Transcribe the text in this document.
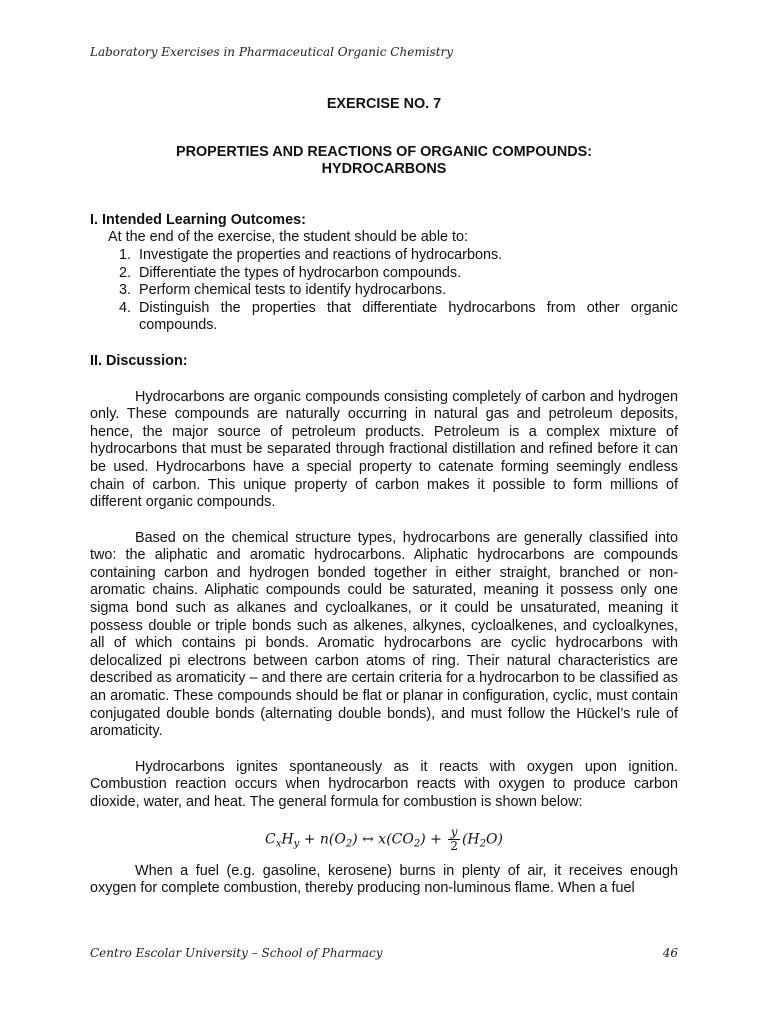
Laboratory Exercises in Pharmaceutical Organic Chemistry
EXERCISE NO. 7
PROPERTIES AND REACTIONS OF ORGANIC COMPOUNDS:
HYDROCARBONS
I. Intended Learning Outcomes:
At the end of the exercise, the student should be able to:
1. Investigate the properties and reactions of hydrocarbons.
2. Differentiate the types of hydrocarbon compounds.
3. Perform chemical tests to identify hydrocarbons.
4. Distinguish the properties that differentiate hydrocarbons from other organic compounds.
II. Discussion:

Hydrocarbons are organic compounds consisting completely of carbon and hydrogen only. These compounds are naturally occurring in natural gas and petroleum deposits, hence, the major source of petroleum products. Petroleum is a complex mixture of hydrocarbons that must be separated through fractional distillation and refined before it can be used. Hydrocarbons have a special property to catenate forming seemingly endless chain of carbon. This unique property of carbon makes it possible to form millions of different organic compounds.

Based on the chemical structure types, hydrocarbons are generally classified into two: the aliphatic and aromatic hydrocarbons. Aliphatic hydrocarbons are compounds containing carbon and hydrogen bonded together in either straight, branched or non-aromatic chains. Aliphatic compounds could be saturated, meaning it possess only one sigma bond such as alkanes and cycloalkanes, or it could be unsaturated, meaning it possess double or triple bonds such as alkenes, alkynes, cycloalkenes, and cycloalkynes, all of which contains pi bonds. Aromatic hydrocarbons are cyclic hydrocarbons with delocalized pi electrons between carbon atoms of ring. Their natural characteristics are described as aromaticity – and there are certain criteria for a hydrocarbon to be classified as an aromatic. These compounds should be flat or planar in configuration, cyclic, must contain conjugated double bonds (alternating double bonds), and must follow the Hückel’s rule of aromaticity.

Hydrocarbons ignites spontaneously as it reacts with oxygen upon ignition. Combustion reaction occurs when hydrocarbon reacts with oxygen to produce carbon dioxide, water, and heat. The general formula for combustion is shown below:

$C_xH_y + n(O_2)$ ↔ $x(CO_2) + \frac{y}{2} (H_2O)$

When a fuel (e.g. gasoline, kerosene) burns in plenty of air, it receives enough oxygen for complete combustion, thereby producing non-luminous flame. When a fuel

Centro Escolar University – School of Pharmacy	46
